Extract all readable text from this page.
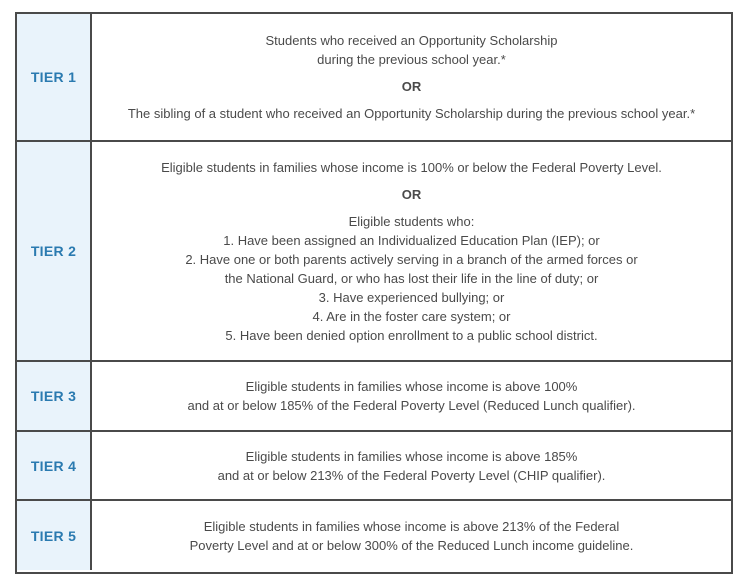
TIER 1
Students who received an Opportunity Scholarship
during the previous school year.*
OR
The sibling of a student who received an Opportunity Scholarship during the previous school year.*
TIER 2
Eligible students in families whose income is 100% or below the Federal Poverty Level.
OR
Eligible students who:
1. Have been assigned an Individualized Education Plan (IEP); or
2. Have one or both parents actively serving in a branch of the armed forces or
the National Guard, or who has lost their life in the line of duty; or
3. Have experienced bullying; or
4. Are in the foster care system; or
5. Have been denied option enrollment to a public school district.
TIER 3
Eligible students in families whose income is above 100%
and at or below 185% of the Federal Poverty Level (Reduced Lunch qualifier).
TIER 4
Eligible students in families whose income is above 185%
and at or below 213% of the Federal Poverty Level (CHIP qualifier).
TIER 5
Eligible students in families whose income is above 213% of the Federal
Poverty Level and at or below 300% of the Reduced Lunch income guideline.
